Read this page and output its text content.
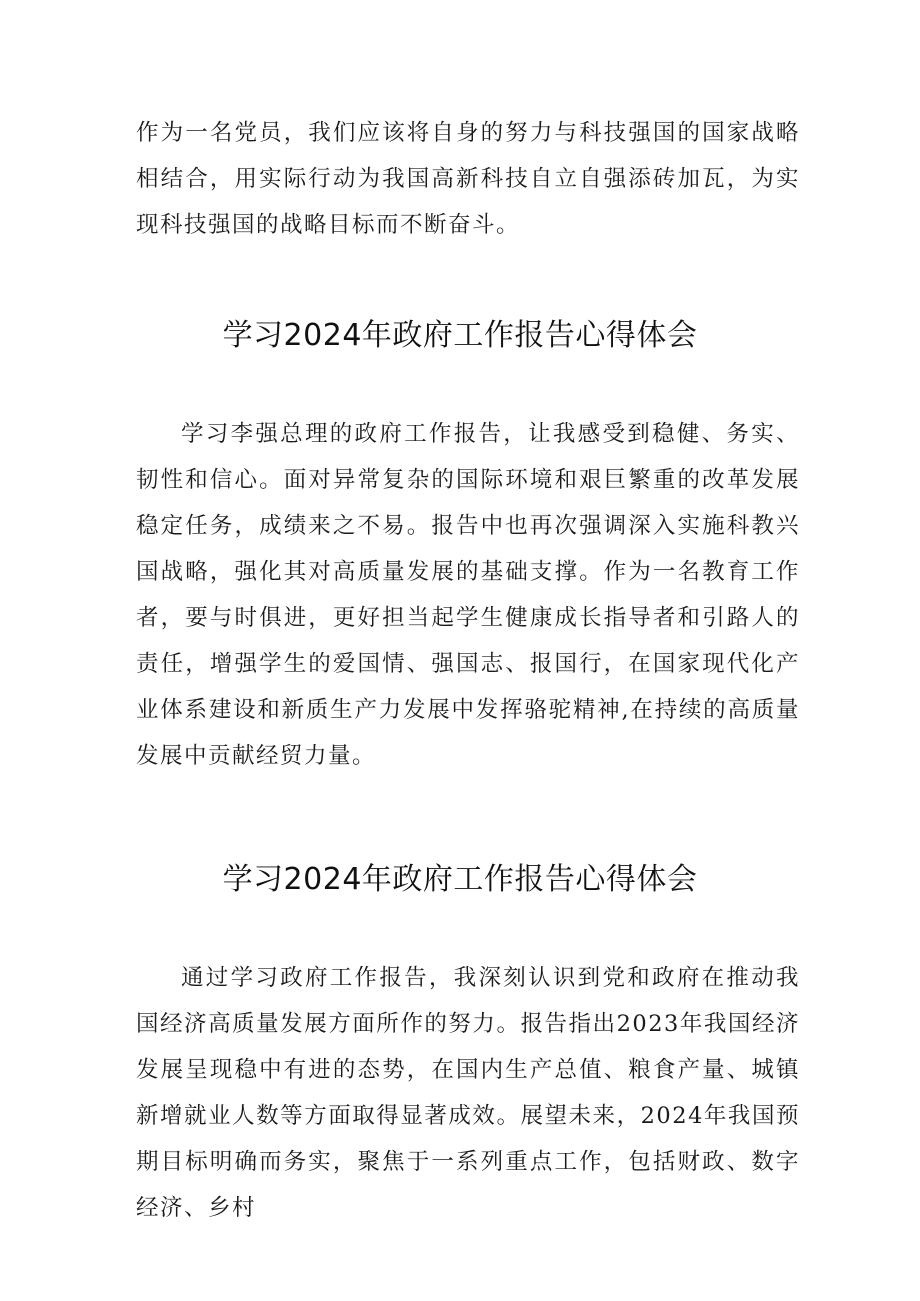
作为一名党员，我们应该将自身的努力与科技强国的国家战略相结合，用实际行动为我国高新科技自立自强添砖加瓦，为实现科技强国的战略目标而不断奋斗。

学习2024年政府工作报告心得体会

学习李强总理的政府工作报告，让我感受到稳健、务实、韧性和信心。面对异常复杂的国际环境和艰巨繁重的改革发展稳定任务，成绩来之不易。报告中也再次强调深入实施科教兴国战略，强化其对高质量发展的基础支撑。作为一名教育工作者，要与时俱进，更好担当起学生健康成长指导者和引路人的责任，增强学生的爱国情、强国志、报国行，在国家现代化产业体系建设和新质生产力发展中发挥骆驼精神,在持续的高质量发展中贡献经贸力量。

学习2024年政府工作报告心得体会

通过学习政府工作报告，我深刻认识到党和政府在推动我国经济高质量发展方面所作的努力。报告指出2023年我国经济发展呈现稳中有进的态势，在国内生产总值、粮食产量、城镇新增就业人数等方面取得显著成效。展望未来，2024年我国预期目标明确而务实，聚焦于一系列重点工作，包括财政、数字经济、乡村
